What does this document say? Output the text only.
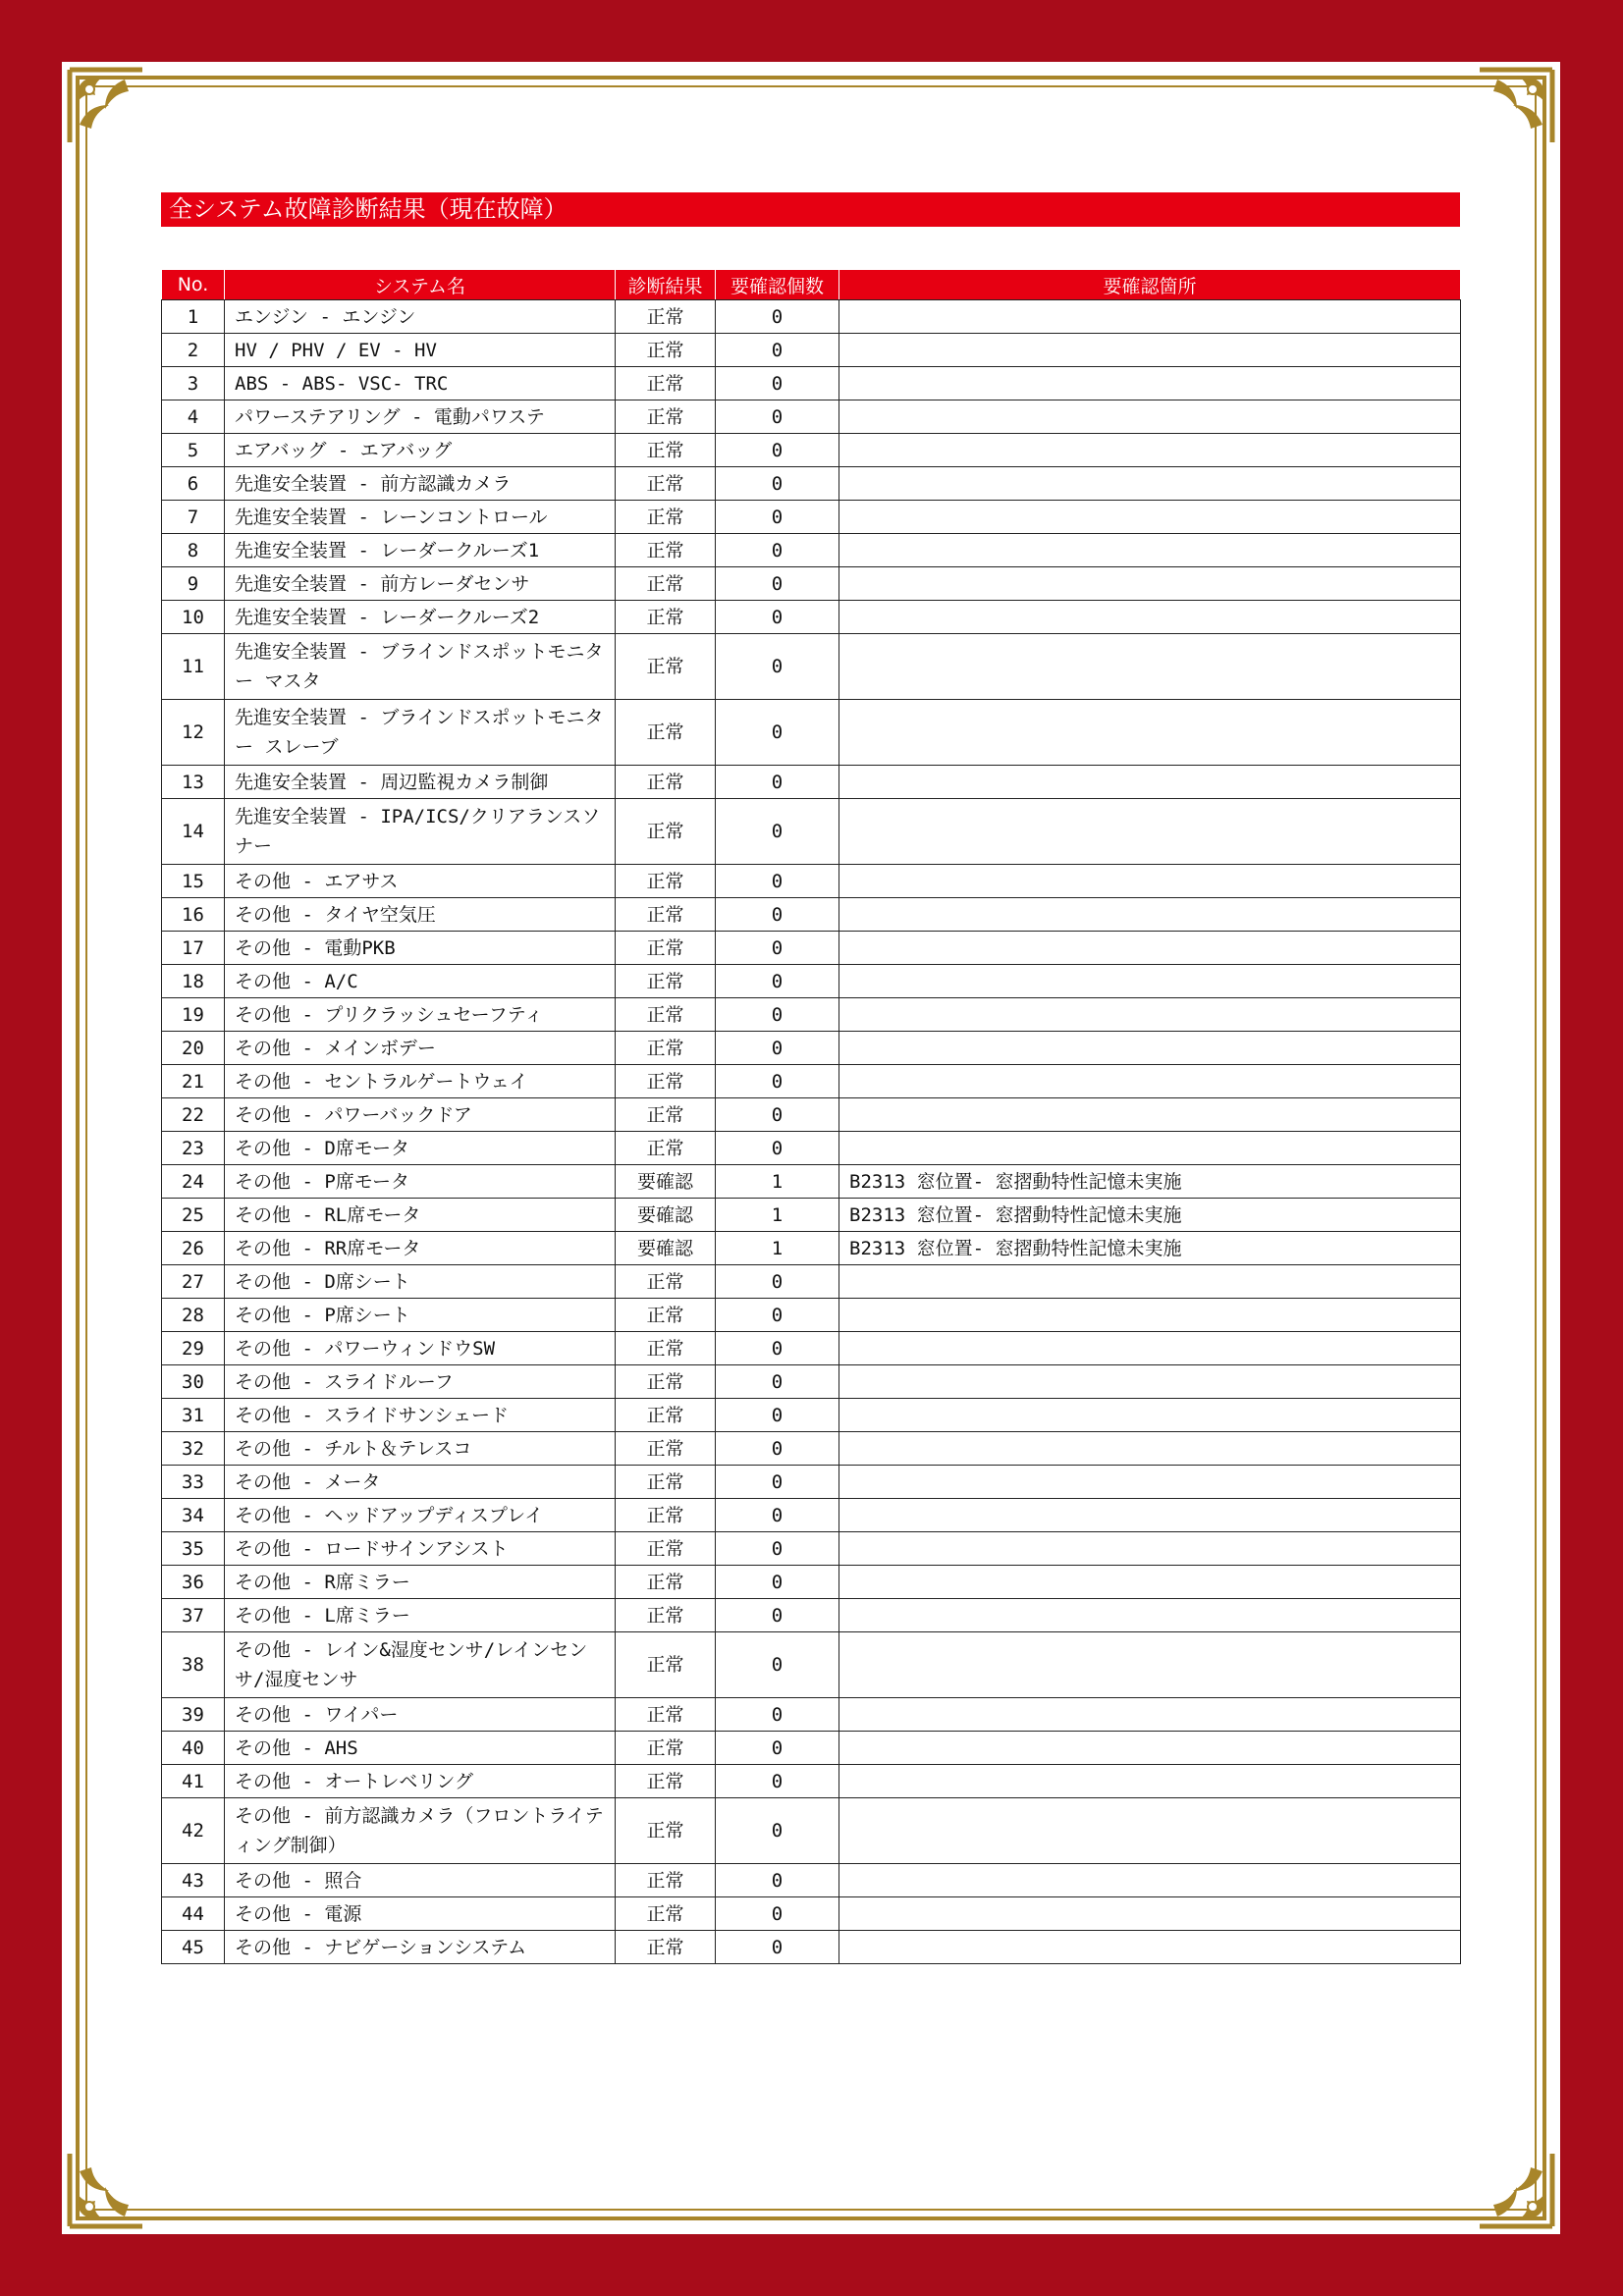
全システム故障診断結果（現在故障）
No.	システム名	診断結果	要確認個数	要確認箇所
1	エンジン - エンジン	正常	0	
2	HV / PHV / EV - HV	正常	0	
3	ABS - ABS- VSC- TRC	正常	0	
4	パワーステアリング - 電動パワステ	正常	0	
5	エアバッグ - エアバッグ	正常	0	
6	先進安全装置 - 前方認識カメラ	正常	0	
7	先進安全装置 - レーンコントロール	正常	0	
8	先進安全装置 - レーダークルーズ1	正常	0	
9	先進安全装置 - 前方レーダセンサ	正常	0	
10	先進安全装置 - レーダークルーズ2	正常	0	
11	先進安全装置 - ブラインドスポットモニター マスタ	正常	0	
12	先進安全装置 - ブラインドスポットモニター スレーブ	正常	0	
13	先進安全装置 - 周辺監視カメラ制御	正常	0	
14	先進安全装置 - IPA/ICS/クリアランスソナー	正常	0	
15	その他 - エアサス	正常	0	
16	その他 - タイヤ空気圧	正常	0	
17	その他 - 電動PKB	正常	0	
18	その他 - A/C	正常	0	
19	その他 - プリクラッシュセーフティ	正常	0	
20	その他 - メインボデー	正常	0	
21	その他 - セントラルゲートウェイ	正常	0	
22	その他 - パワーバックドア	正常	0	
23	その他 - D席モータ	正常	0	
24	その他 - P席モータ	要確認	1	B2313 窓位置- 窓摺動特性記憶未実施
25	その他 - RL席モータ	要確認	1	B2313 窓位置- 窓摺動特性記憶未実施
26	その他 - RR席モータ	要確認	1	B2313 窓位置- 窓摺動特性記憶未実施
27	その他 - D席シート	正常	0	
28	その他 - P席シート	正常	0	
29	その他 - パワーウィンドウSW	正常	0	
30	その他 - スライドルーフ	正常	0	
31	その他 - スライドサンシェード	正常	0	
32	その他 - チルト＆テレスコ	正常	0	
33	その他 - メータ	正常	0	
34	その他 - ヘッドアップディスプレイ	正常	0	
35	その他 - ロードサインアシスト	正常	0	
36	その他 - R席ミラー	正常	0	
37	その他 - L席ミラー	正常	0	
38	その他 - レイン&湿度センサ/レインセンサ/湿度センサ	正常	0	
39	その他 - ワイパー	正常	0	
40	その他 - AHS	正常	0	
41	その他 - オートレベリング	正常	0	
42	その他 - 前方認識カメラ（フロントライティング制御）	正常	0	
43	その他 - 照合	正常	0	
44	その他 - 電源	正常	0	
45	その他 - ナビゲーションシステム	正常	0	
